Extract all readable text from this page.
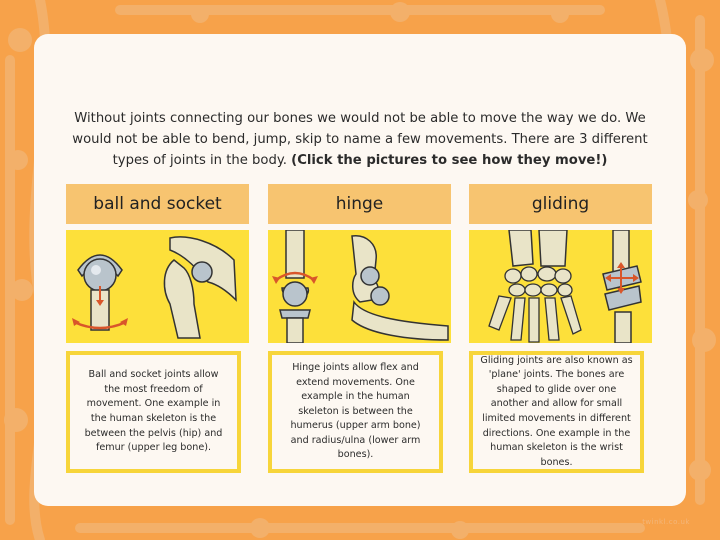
Without joints connecting our bones we would not be able to move the way we do. We would not be able to bend, jump, skip to name a few movements. There are 3 different types of joints in the body. (Click the pictures to see how they move!)
ball and socket
Ball and socket joints allow the most freedom of movement. One example in the human skeleton is the between the pelvis (hip) and femur (upper leg bone).
hinge
Hinge joints allow flex and extend movements. One example in the human skeleton is between the humerus (upper arm bone) and radius/ulna (lower arm bones).
gliding
Gliding joints are also known as 'plane' joints. The bones are shaped to glide over one another and allow for small limited movements in different directions. One example in the human skeleton is the wrist bones.
twinkl.co.uk
